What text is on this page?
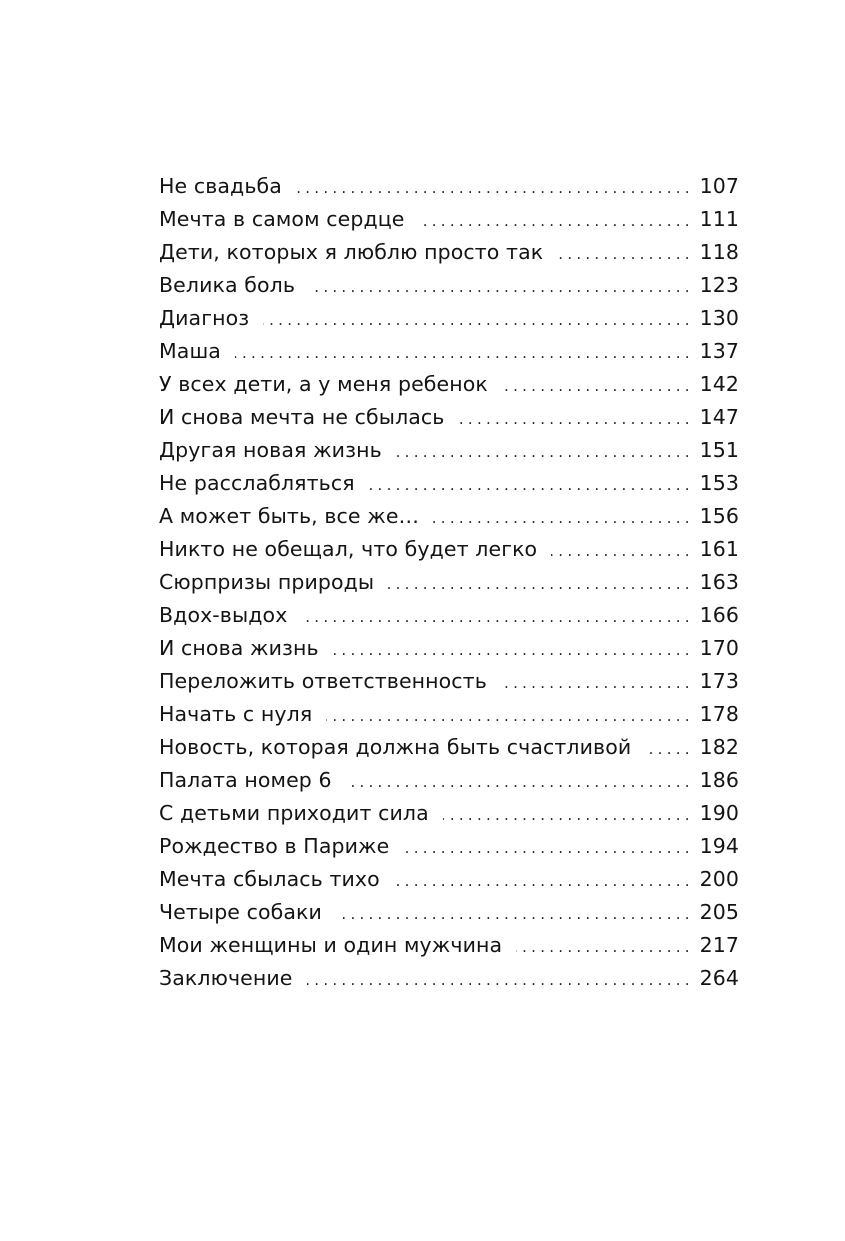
Не свадьба . . .	107
Мечта в самом сердце . . .	111
Дети, которых я люблю просто так . . .	118
Велика боль . . .	123
Диагноз . . .	130
Маша . . .	137
У всех дети, а у меня ребенок . . .	142
И снова мечта не сбылась . . .	147
Другая новая жизнь . . .	151
Не расслабляться . . .	153
А может быть, все же… . . .	156
Никто не обещал, что будет легко . . .	161
Сюрпризы природы . . .	163
Вдох-выдох . . .	166
И снова жизнь . . .	170
Переложить ответственность . . .	173
Начать с нуля . . .	178
Новость, которая должна быть счастливой . . .	182
Палата номер 6 . . .	186
С детьми приходит сила . . .	190
Рождество в Париже . . .	194
Мечта сбылась тихо . . .	200
Четыре собаки . . .	205
Мои женщины и один мужчина . . .	217
Заключение . . .	264
